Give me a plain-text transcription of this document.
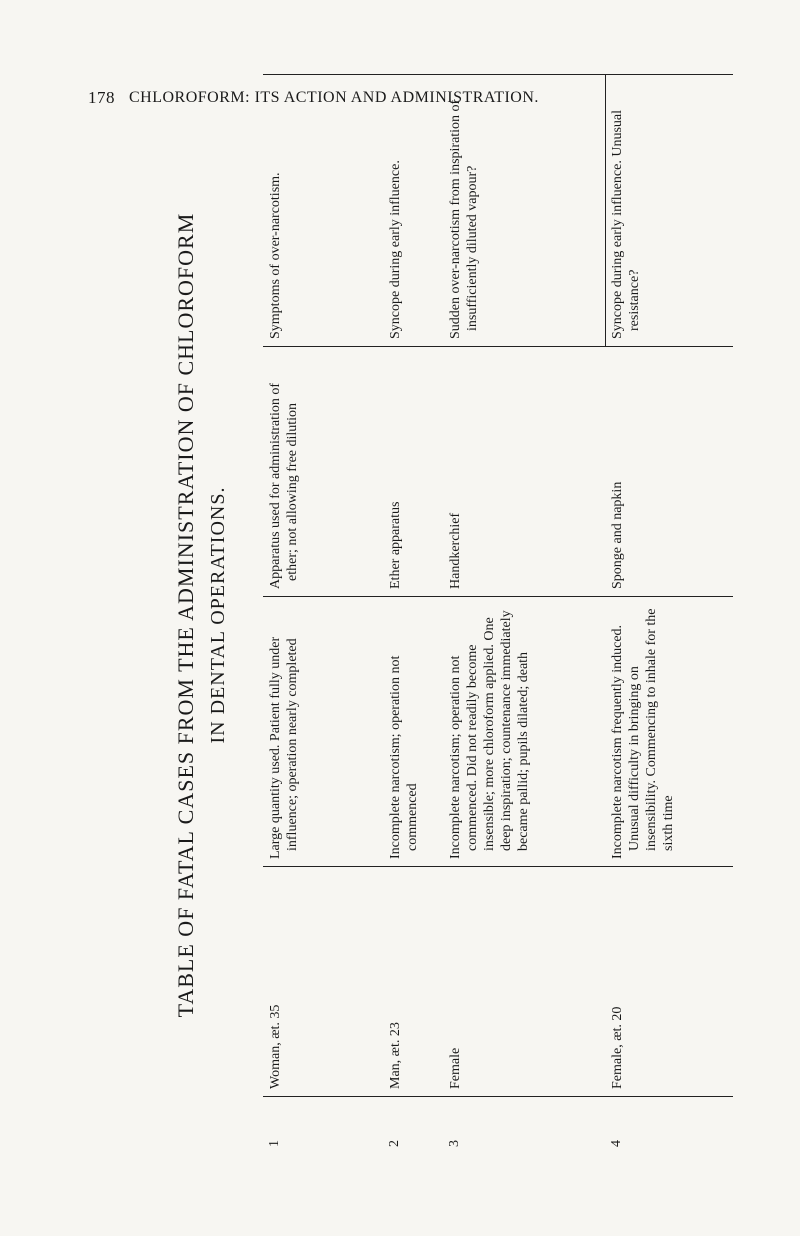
178 CHLOROFORM: ITS ACTION AND ADMINISTRATION.
TABLE OF FATAL CASES FROM THE ADMINISTRATION OF CHLOROFORM IN DENTAL OPERATIONS.
1
Woman, æt. 35
Large quantity used. Patient fully under influence; operation nearly completed
Apparatus used for administration of ether; not allowing free dilution
Symptoms of over-narcotism.
2
Man, æt. 23
Incomplete narcotism; operation not commenced
Ether apparatus
Syncope during early influence.
3
Female
Incomplete narcotism; operation not commenced. Did not readily become insensible; more chloroform applied. One deep inspiration; countenance immediately became pallid; pupils dilated; death
Handkerchief
Sudden over-narcotism from inspiration of insufficiently diluted vapour?
4
Female, æt. 20
Incomplete narcotism frequently induced. Unusual difficulty in bringing on insensibility. Commencing to inhale for the sixth time
Sponge and napkin
Syncope during early influence. Unusual resistance?
